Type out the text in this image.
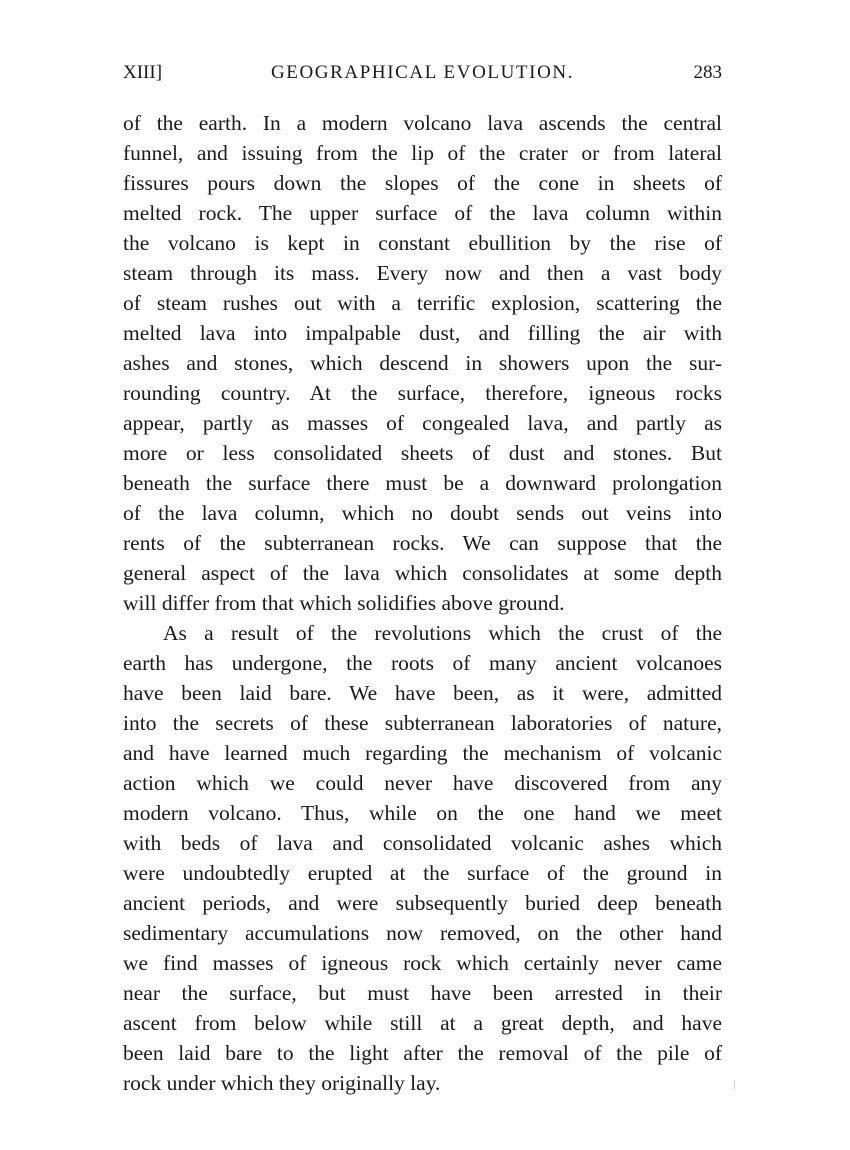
XIII]	GEOGRAPHICAL EVOLUTION.	283
of the earth. In a modern volcano lava ascends the central
funnel, and issuing from the lip of the crater or from lateral
fissures pours down the slopes of the cone in sheets of
melted rock. The upper surface of the lava column within
the volcano is kept in constant ebullition by the rise of
steam through its mass. Every now and then a vast body
of steam rushes out with a terrific explosion, scattering the
melted lava into impalpable dust, and filling the air with
ashes and stones, which descend in showers upon the sur-
rounding country. At the surface, therefore, igneous rocks
appear, partly as masses of congealed lava, and partly as
more or less consolidated sheets of dust and stones. But
beneath the surface there must be a downward prolongation
of the lava column, which no doubt sends out veins into
rents of the subterranean rocks. We can suppose that the
general aspect of the lava which consolidates at some depth
will differ from that which solidifies above ground.
As a result of the revolutions which the crust of the
earth has undergone, the roots of many ancient volcanoes
have been laid bare. We have been, as it were, admitted
into the secrets of these subterranean laboratories of nature,
and have learned much regarding the mechanism of volcanic
action which we could never have discovered from any
modern volcano. Thus, while on the one hand we meet
with beds of lava and consolidated volcanic ashes which
were undoubtedly erupted at the surface of the ground in
ancient periods, and were subsequently buried deep beneath
sedimentary accumulations now removed, on the other hand
we find masses of igneous rock which certainly never came
near the surface, but must have been arrested in their
ascent from below while still at a great depth, and have
been laid bare to the light after the removal of the pile of
rock under which they originally lay.
